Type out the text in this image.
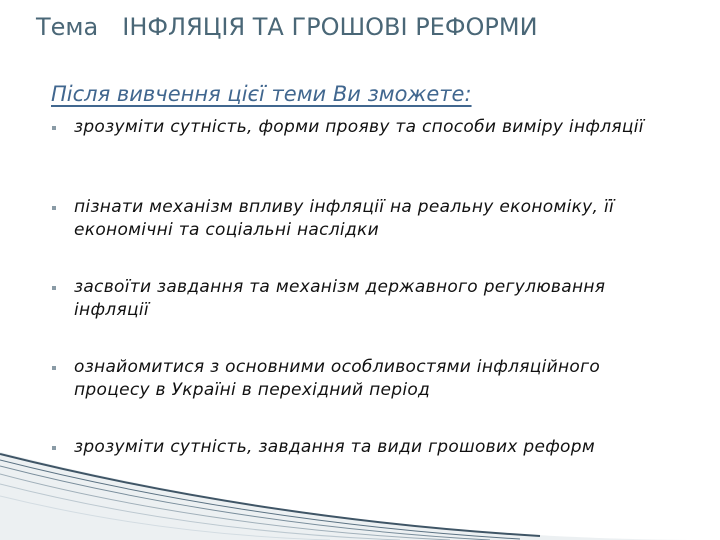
Тема ІНФЛЯЦІЯ ТА ГРОШОВІ РЕФОРМИ
Після вивчення цієї теми Ви зможете:
зрозуміти сутність, форми прояву та способи виміру інфляції
пізнати механізм впливу інфляції на реальну економіку, її економічні та соціальні наслідки
засвоїти завдання та механізм державного регулювання інфляції
ознайомитися з основними особливостями інфляційного процесу в Україні в перехідний період
зрозуміти сутність, завдання та види грошових реформ
